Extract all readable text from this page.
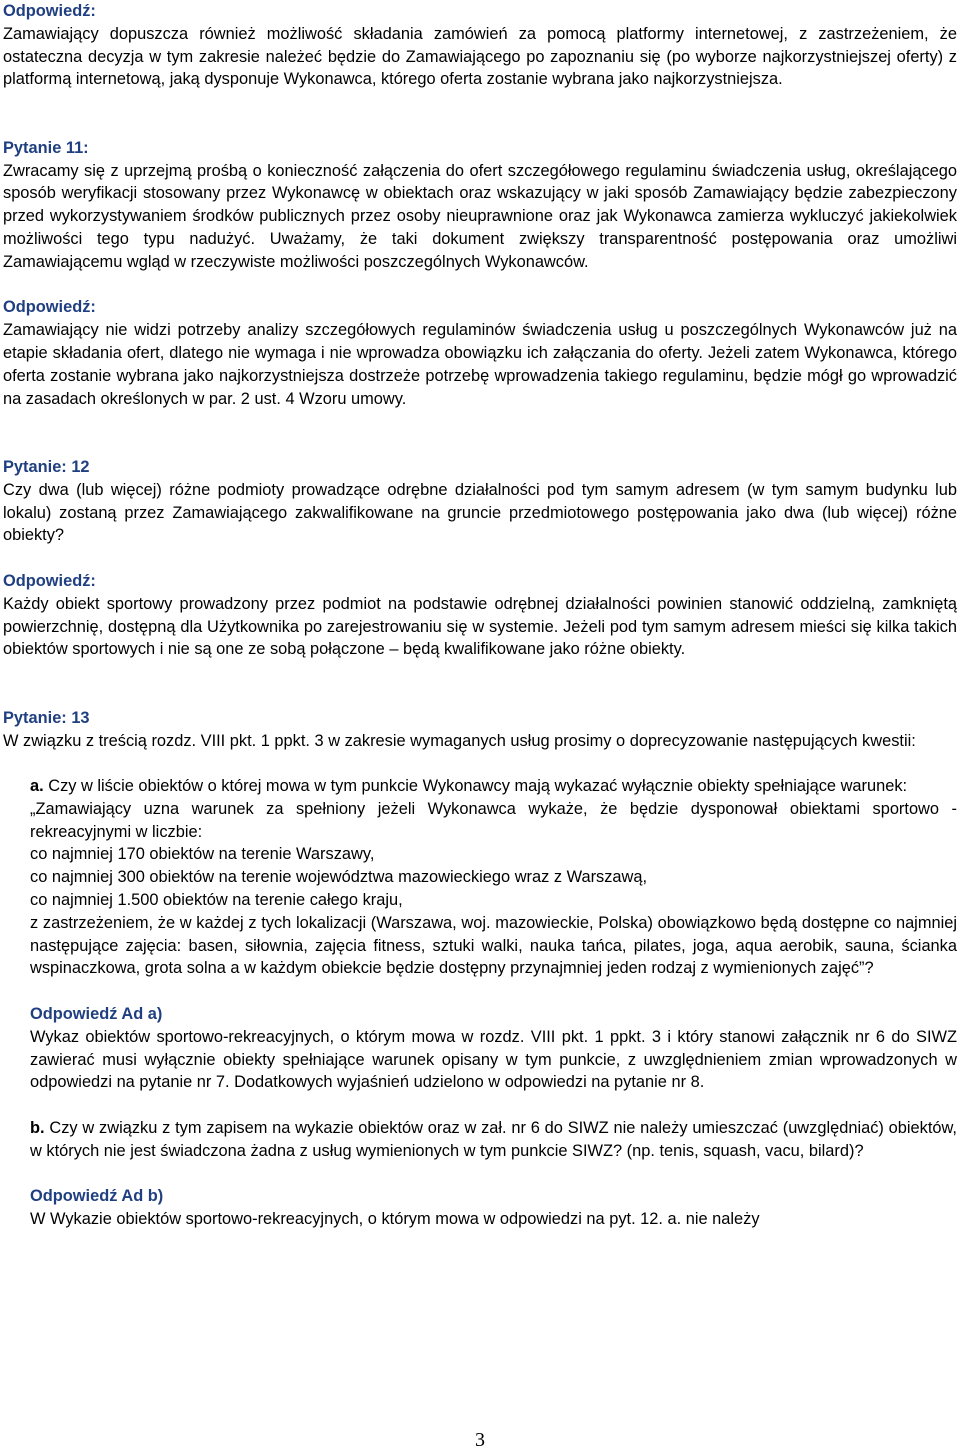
Odpowiedź:

Zamawiający dopuszcza również możliwość składania zamówień za pomocą platformy internetowej, z zastrzeżeniem, że ostateczna decyzja w tym zakresie należeć będzie do Zamawiającego po zapoznaniu się (po wyborze najkorzystniejszej oferty) z platformą internetową, jaką dysponuje Wykonawca, którego oferta zostanie wybrana jako najkorzystniejsza.

Pytanie 11:

Zwracamy się z uprzejmą prośbą o konieczność załączenia do ofert szczegółowego regulaminu świadczenia usług, określającego sposób weryfikacji stosowany przez Wykonawcę w obiektach oraz wskazujący w jaki sposób Zamawiający będzie zabezpieczony przed wykorzystywaniem środków publicznych przez osoby nieuprawnione oraz jak Wykonawca zamierza wykluczyć jakiekolwiek możliwości tego typu nadużyć. Uważamy, że taki dokument zwiększy transparentność postępowania oraz umożliwi Zamawiającemu wgląd w rzeczywiste możliwości poszczególnych Wykonawców.

Odpowiedź:

Zamawiający nie widzi potrzeby analizy szczegółowych regulaminów świadczenia usług u poszczególnych Wykonawców już na etapie składania ofert, dlatego nie wymaga i nie wprowadza obowiązku ich załączania do oferty. Jeżeli zatem Wykonawca, którego oferta zostanie wybrana jako najkorzystniejsza dostrzeże potrzebę wprowadzenia takiego regulaminu, będzie mógł go wprowadzić na zasadach określonych w par. 2 ust. 4 Wzoru umowy.

Pytanie: 12

Czy dwa (lub więcej) różne podmioty prowadzące odrębne działalności pod tym samym adresem (w tym samym budynku lub lokalu) zostaną przez Zamawiającego zakwalifikowane na gruncie przedmiotowego postępowania jako dwa (lub więcej) różne obiekty?

Odpowiedź:

Każdy obiekt sportowy prowadzony przez podmiot na podstawie odrębnej działalności powinien stanowić oddzielną, zamkniętą powierzchnię, dostępną dla Użytkownika po zarejestrowaniu się w systemie. Jeżeli pod tym samym adresem mieści się kilka takich obiektów sportowych i nie są one ze sobą połączone – będą kwalifikowane jako różne obiekty.

Pytanie: 13

W związku z treścią rozdz. VIII pkt. 1 ppkt. 3 w zakresie wymaganych usług prosimy o doprecyzowanie następujących kwestii:

a. Czy w liście obiektów o której mowa w tym punkcie Wykonawcy mają wykazać wyłącznie obiekty spełniające warunek:

„Zamawiający uzna warunek za spełniony jeżeli Wykonawca wykaże, że będzie dysponował obiektami sportowo - rekreacyjnymi w liczbie:

co najmniej 170 obiektów na terenie Warszawy,

co najmniej 300 obiektów na terenie województwa mazowieckiego wraz z Warszawą,

co najmniej 1.500 obiektów na terenie całego kraju,

z zastrzeżeniem, że w każdej z tych lokalizacji (Warszawa, woj. mazowieckie, Polska) obowiązkowo będą dostępne co najmniej następujące zajęcia: basen, siłownia, zajęcia fitness, sztuki walki, nauka tańca, pilates, joga, aqua aerobik, sauna, ścianka wspinaczkowa, grota solna a w każdym obiekcie będzie dostępny przynajmniej jeden rodzaj z wymienionych zajęć”?

Odpowiedź Ad a)

Wykaz obiektów sportowo-rekreacyjnych, o którym mowa w rozdz. VIII pkt. 1 ppkt. 3 i który stanowi załącznik nr 6 do SIWZ zawierać musi wyłącznie obiekty spełniające warunek opisany w tym punkcie, z uwzględnieniem zmian wprowadzonych w odpowiedzi na pytanie nr 7. Dodatkowych wyjaśnień udzielono w odpowiedzi na pytanie nr 8.

b. Czy w związku z tym zapisem na wykazie obiektów oraz w zał. nr 6 do SIWZ nie należy umieszczać (uwzględniać) obiektów, w których nie jest świadczona żadna z usług wymienionych w tym punkcie SIWZ? (np. tenis, squash, vacu, bilard)?

Odpowiedź Ad b)

W Wykazie obiektów sportowo-rekreacyjnych, o którym mowa w odpowiedzi na pyt. 12. a. nie należy

3
